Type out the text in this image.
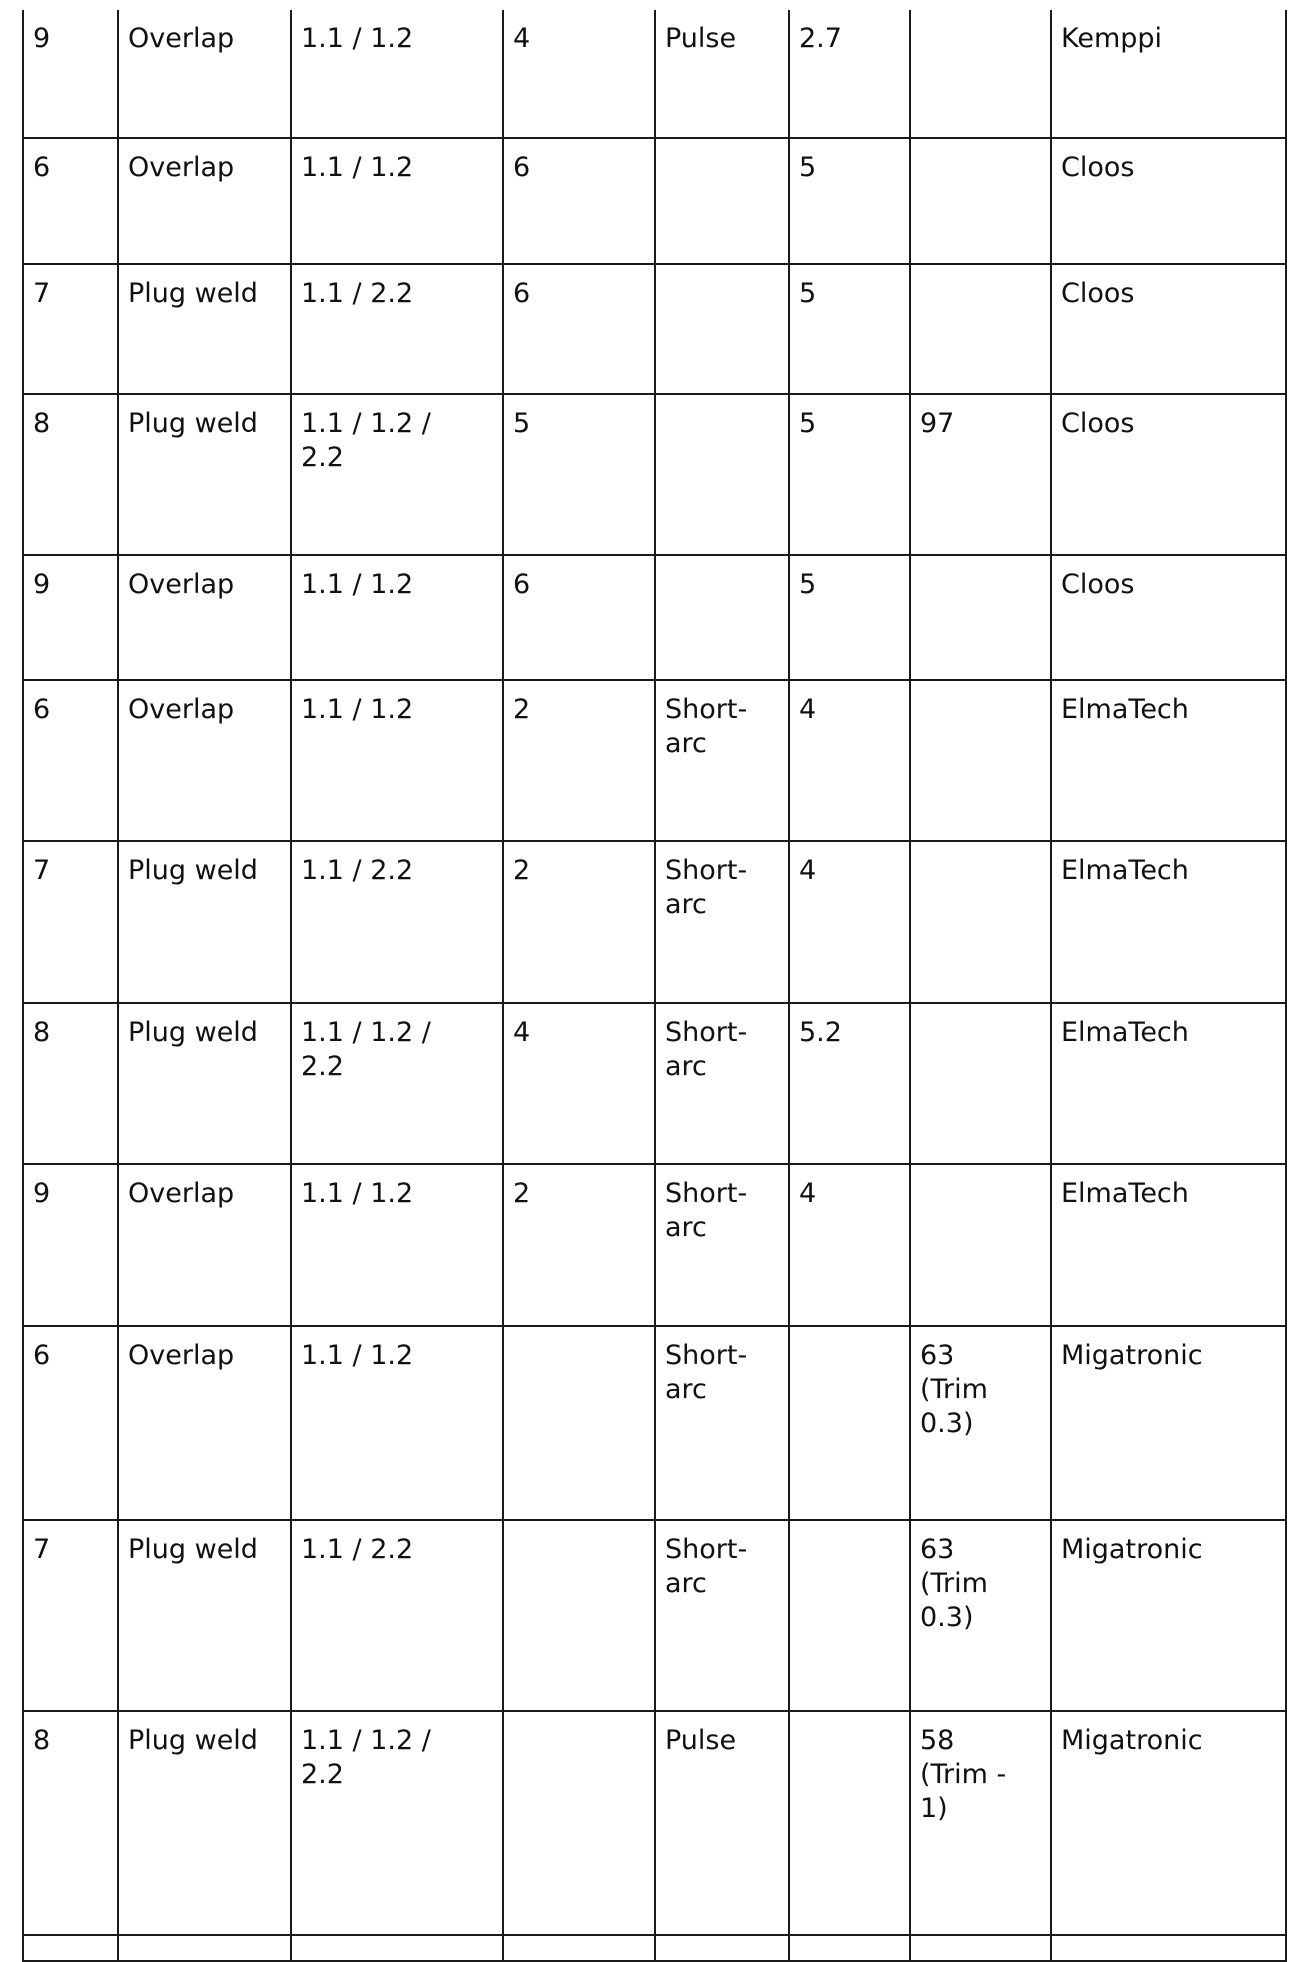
9	Overlap	1.1 / 1.2	4	Pulse	2.7		Kemppi
6	Overlap	1.1 / 1.2	6		5		Cloos
7	Plug weld	1.1 / 2.2	6		5		Cloos
8	Plug weld	1.1 / 1.2 /
2.2	5		5	97	Cloos
9	Overlap	1.1 / 1.2	6		5		Cloos
6	Overlap	1.1 / 1.2	2	Short-
arc	4		ElmaTech
7	Plug weld	1.1 / 2.2	2	Short-
arc	4		ElmaTech
8	Plug weld	1.1 / 1.2 /
2.2	4	Short-
arc	5.2		ElmaTech
9	Overlap	1.1 / 1.2	2	Short-
arc	4		ElmaTech
6	Overlap	1.1 / 1.2		Short-
arc		63
(Trim
0.3)	Migatronic
7	Plug weld	1.1 / 2.2		Short-
arc		63
(Trim
0.3)	Migatronic
8	Plug weld	1.1 / 1.2 /
2.2		Pulse		58
(Trim -
1)	Migatronic
